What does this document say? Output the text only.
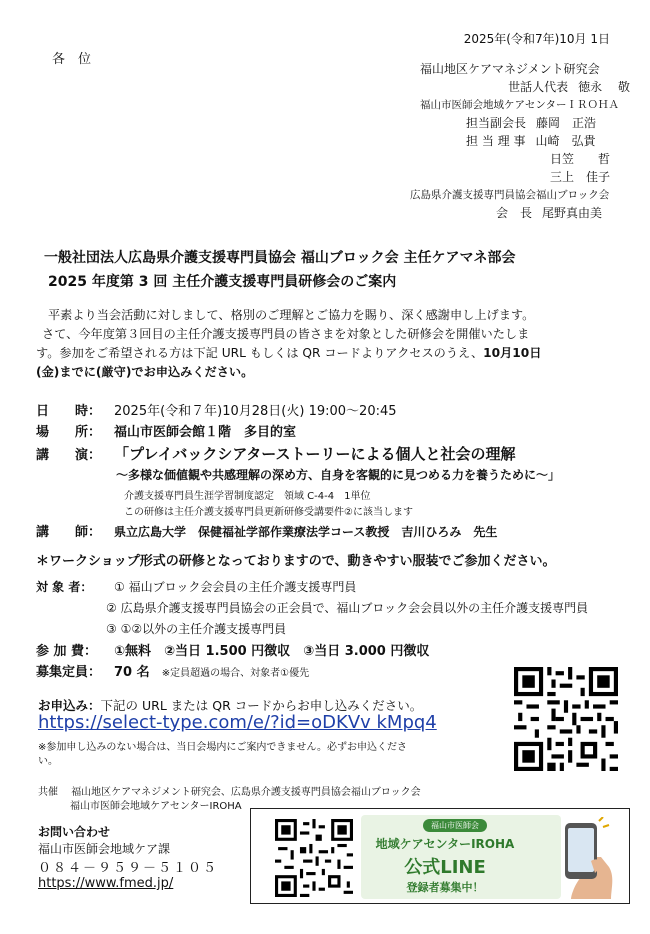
2025年(令和7年)10月 1日
各　位
福山地区ケアマネジメント研究会
世話人代表 徳永　 敬
福山市医師会地域ケアセンターＩＲＯＨＡ
担当副会長 藤岡　正浩
担 当 理 事 山崎　弘貴
日笠　　哲
三上　佳子
広島県介護支援専門員協会福山ブロック会
会　長 尾野真由美
一般社団法人広島県介護支援専門員協会 福山ブロック会 主任ケアマネ部会
2025 年度第 3 回 主任介護支援専門員研修会のご案内

平素より当会活動に対しまして、格別のご理解とご協力を賜り、深く感謝申し上げます。

さて、今年度第３回目の主任介護支援専門員の皆さまを対象とした研修会を開催いたしま

す。参加をご希望される方は下記 URL もしくは QR コードよりアクセスのうえ、10月10日

(金)までに(厳守)でお申込みください。

日　　時： 2025年(令和７年)10月28日(火) 19:00～20:45
場　　所： 福山市医師会館１階　多目的室
講　　演： 「プレイバックシアターストーリーによる個人と社会の理解
～多様な価値観や共感理解の深め方、自身を客観的に見つめる力を養うために～」
介護支援専門員生涯学習制度認定　領域 C-4-4　1単位
この研修は主任介護支援専門員更新研修受講要件②に該当します
講　　師： 県立広島大学　保健福祉学部作業療法学コース教授　吉川ひろみ　先生
＊ワークショップ形式の研修となっておりますので、動きやすい服装でご参加ください。
対 象 者： ① 福山ブロック会会員の主任介護支援専門員
② 広島県介護支援専門員協会の正会員で、福山ブロック会会員以外の主任介護支援専門員
③ ①②以外の主任介護支援専門員
参 加 費： ①無料　②当日 1.500 円徴収　③当日 3.000 円徴収
募集定員： 70 名 ※定員超過の場合、対象者①優先
お申込み：下記の URL または QR コードからお申し込みください。
https://select-type.com/e/?id=oDKVv kMpq4
※参加申し込みのない場合は、当日会場内にご案内できません。必ずお申込くださ
い。
共催 福山地区ケアマネジメント研究会、広島県介護支援専門員協会福山ブロック会
福山市医師会地域ケアセンターIROHA
お問い合わせ
福山市医師会地域ケア課
０８４－９５９－５１０５
https://www.fmed.jp/
福山市医師会
地域ケアセンターIROHA
公式LINE
登録者募集中！
